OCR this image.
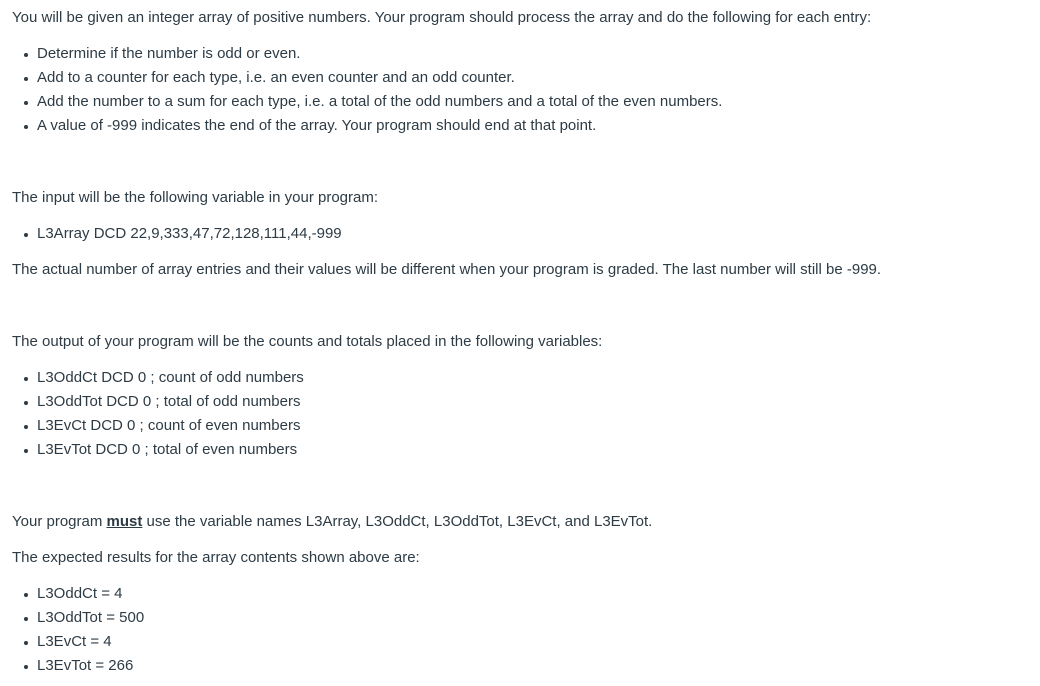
You will be given an integer array of positive numbers. Your program should process the array and do the following for each entry:
Determine if the number is odd or even.
Add to a counter for each type, i.e. an even counter and an odd counter.
Add the number to a sum for each type, i.e. a total of the odd numbers and a total of the even numbers.
A value of -999 indicates the end of the array. Your program should end at that point.
The input will be the following variable in your program:
L3Array DCD 22,9,333,47,72,128,111,44,-999
The actual number of array entries and their values will be different when your program is graded. The last number will still be -999.
The output of your program will be the counts and totals placed in the following variables:
L3OddCt DCD 0 ; count of odd numbers
L3OddTot DCD 0 ; total of odd numbers
L3EvCt DCD 0 ; count of even numbers
L3EvTot DCD 0 ; total of even numbers
Your program must use the variable names L3Array, L3OddCt, L3OddTot, L3EvCt, and L3EvTot.
The expected results for the array contents shown above are:
L3OddCt = 4
L3OddTot = 500
L3EvCt = 4
L3EvTot = 266
